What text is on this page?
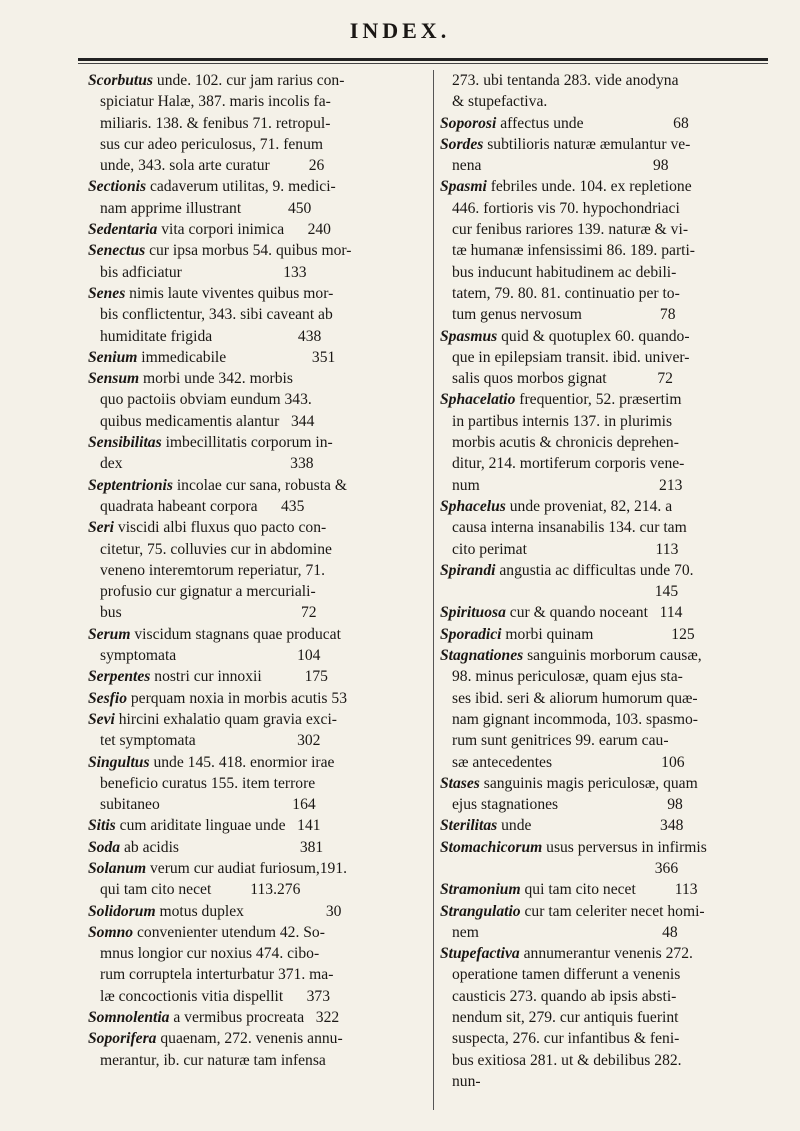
INDEX.

Scorbutus unde. 102. cur jam rarius con-

spiciatur Halæ, 387. maris incolis fa-

miliaris. 138. & fenibus 71. retropul-

sus cur adeo periculosus, 71. fenum

unde, 343. sola arte curatur          26

Sectionis cadaverum utilitas, 9. medici-

nam apprime illustrant            450

Sedentaria vita corpori inimica      240

Senectus cur ipsa morbus 54. quibus mor-

bis adficiatur                          133

Senes nimis laute viventes quibus mor-

bis conflictentur, 343. sibi caveant ab

humiditate frigida                      438

Senium immedicabile                      351

Sensum morbi unde 342. morbis

quo pactoiis obviam eundum 343.

quibus medicamentis alantur   344

Sensibilitas imbecillitatis corporum in-

dex                                           338

Septentrionis incolae cur sana, robusta &

quadrata habeant corpora      435

Seri viscidi albi fluxus quo pacto con-

citetur, 75. colluvies cur in abdomine

veneno interemtorum reperiatur, 71.

profusio cur gignatur a mercuriali-

bus                                              72

Serum viscidum stagnans quae producat

symptomata                               104

Serpentes nostri cur innoxii           175

Sesfio perquam noxia in morbis acutis 53

Sevi hircini exhalatio quam gravia exci-

tet symptomata                          302

Singultus unde 145. 418. enormior irae

beneficio curatus 155. item terrore

subitaneo                                  164

Sitis cum ariditate linguae unde   141

Soda ab acidis                               381

Solanum verum cur audiat furiosum,191.

qui tam cito necet          113.276

Solidorum motus duplex                     30

Somno convenienter utendum 42. So-

mnus longior cur noxius 474. cibo-

rum corruptela interturbatur 371. ma-

læ concoctionis vitia dispellit      373

Somnolentia a vermibus procreata   322

Soporifera quaenam, 272. venenis annu-

merantur, ib. cur naturæ tam infensa

273. ubi tentanda 283. vide anodyna

& stupefactiva.

Soporosi affectus unde                       68

Sordes subtilioris naturæ æmulantur ve-

nena                                            98

Spasmi febriles unde. 104. ex repletione

446. fortioris vis 70. hypochondriaci

cur fenibus rariores 139. naturæ & vi-

tæ humanæ infensissimi 86. 189. parti-

bus inducunt habitudinem ac debili-

tatem, 79. 80. 81. continuatio per to-

tum genus nervosum                    78

Spasmus quid & quotuplex 60. quando-

que in epilepsiam transit. ibid. univer-

salis quos morbos gignat             72

Sphacelatio frequentior, 52. præsertim

in partibus internis 137. in plurimis

morbis acutis & chronicis deprehen-

ditur, 214. mortiferum corporis vene-

num                                              213

Sphacelus unde proveniat, 82, 214. a

causa interna insanabilis 134. cur tam

cito perimat                                 113

Spirandi angustia ac difficultas unde 70.

145

Spirituosa cur & quando noceant   114

Sporadici morbi quinam                    125

Stagnationes sanguinis morborum causæ,

98. minus periculosæ, quam ejus sta-

ses ibid. seri & aliorum humorum quæ-

nam gignant incommoda, 103. spasmo-

rum sunt genitrices 99. earum cau-

sæ antecedentes                            106

Stases sanguinis magis periculosæ, quam

ejus stagnationes                            98

Sterilitas unde                                 348

Stomachicorum usus perversus in infirmis

366

Stramonium qui tam cito necet          113

Strangulatio cur tam celeriter necet homi-

nem                                               48

Stupefactiva annumerantur venenis 272.

operatione tamen differunt a venenis

causticis 273. quando ab ipsis absti-

nendum sit, 279. cur antiquis fuerint

suspecta, 276. cur infantibus & feni-

bus exitiosa 281. ut & debilibus 282.

nun-
